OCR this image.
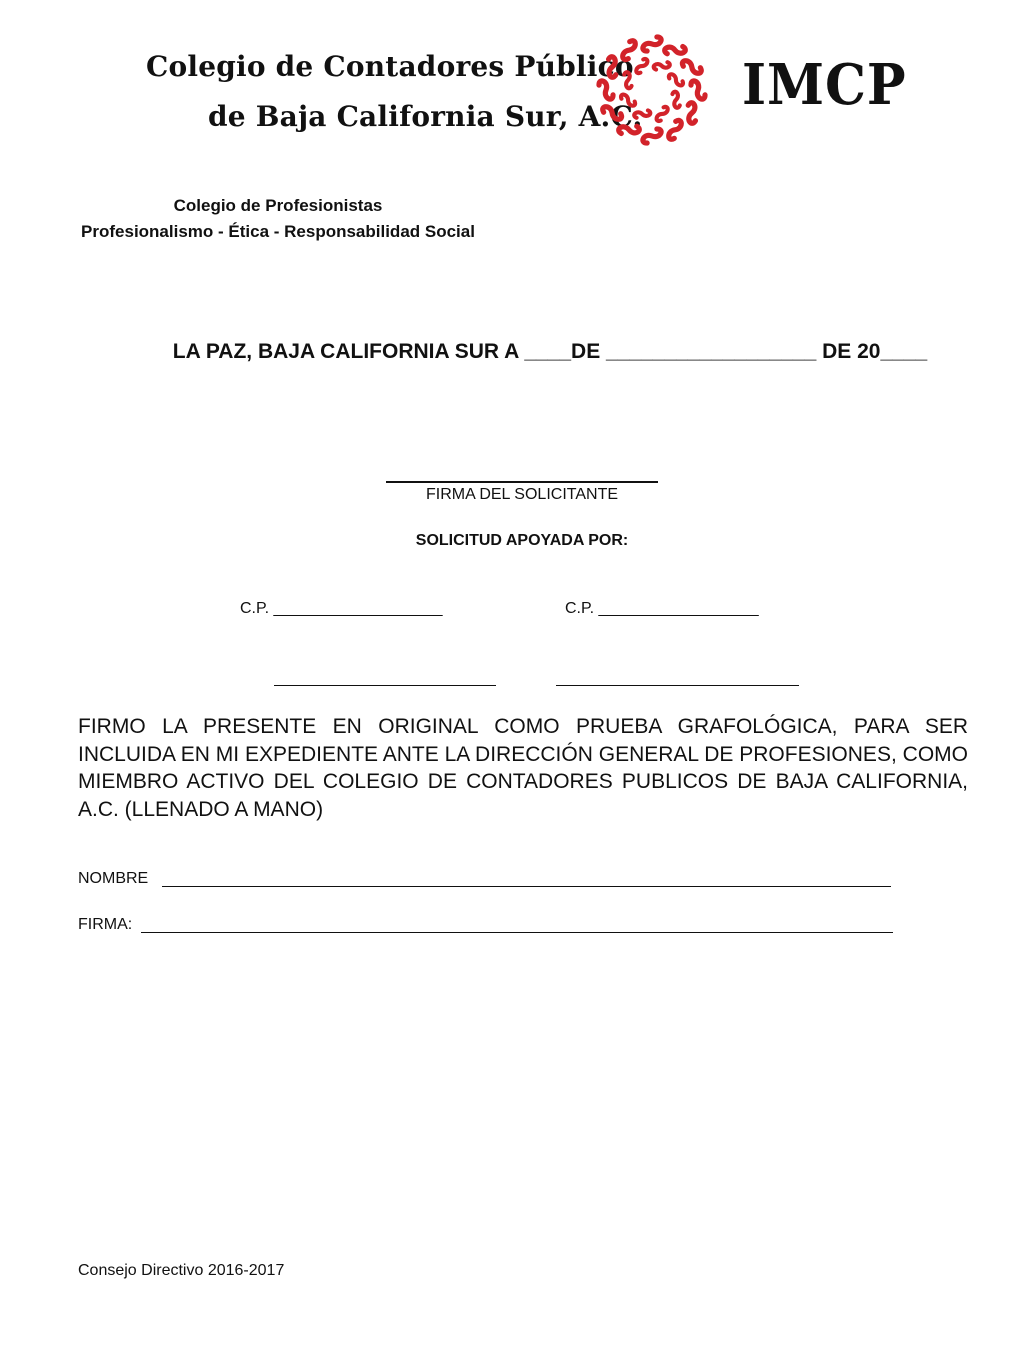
Colegio de Contadores Público
de Baja California Sur, A.C. IMCP
Colegio de Profesionistas
Profesionalismo - Ética - Responsabilidad Social
LA PAZ, BAJA CALIFORNIA SUR A ____DE __________________ DE 20____
FIRMA DEL SOLICITANTE
SOLICITUD APOYADA POR:
C.P. ___________________	C.P. __________________
FIRMO LA PRESENTE EN ORIGINAL COMO PRUEBA GRAFOLÓGICA, PARA SER INCLUIDA EN MI EXPEDIENTE ANTE LA DIRECCIÓN GENERAL DE PROFESIONES, COMO MIEMBRO ACTIVO DEL COLEGIO DE CONTADORES PUBLICOS DE BAJA CALIFORNIA, A.C. (LLENADO A MANO)
NOMBRE
FIRMA:
Consejo Directivo 2016-2017
